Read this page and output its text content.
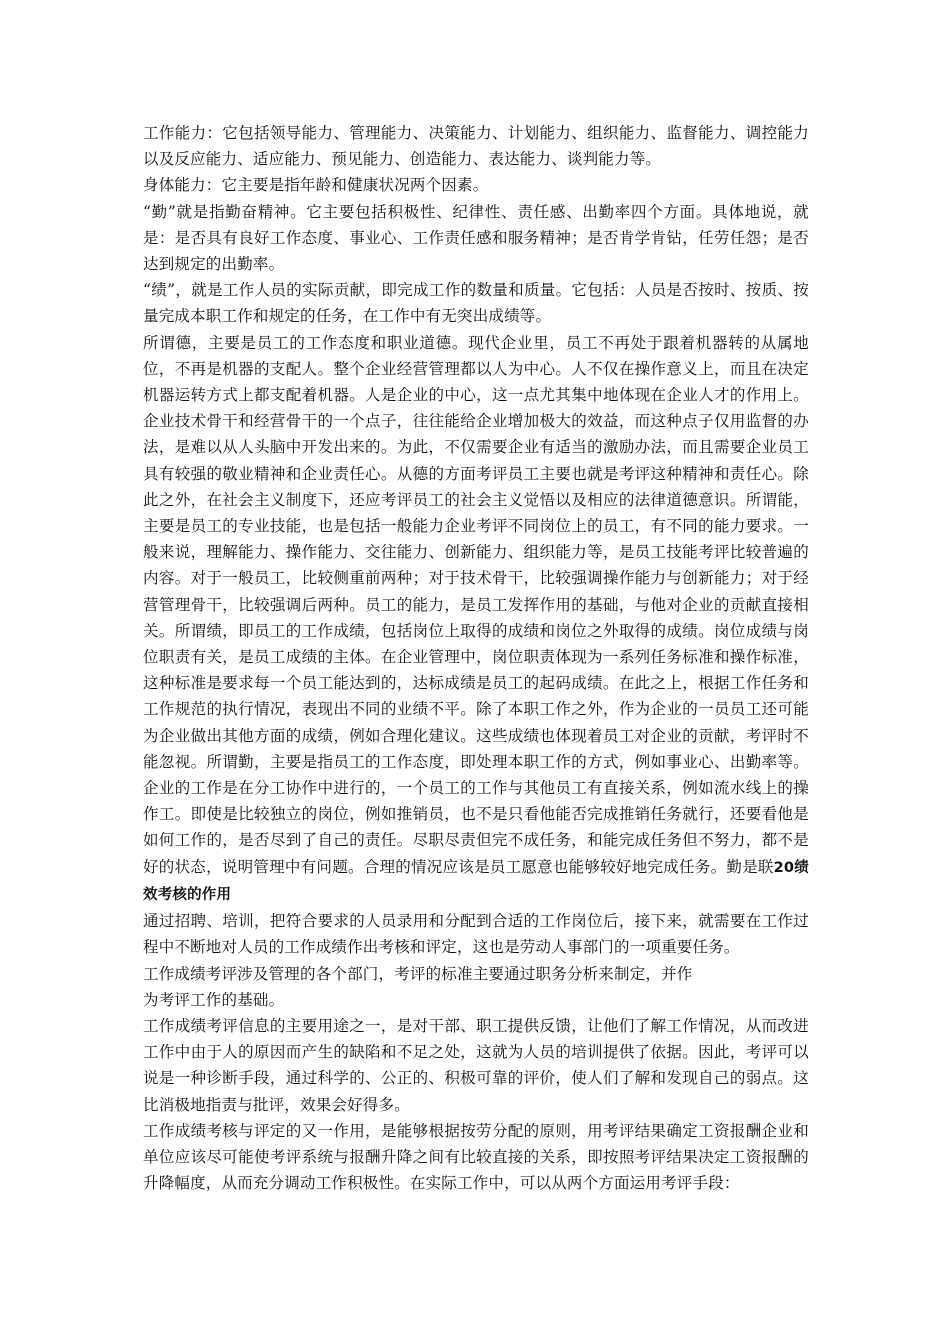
工作能力：它包括领导能力、管理能力、决策能力、计划能力、组织能力、监督能力、调控能力以及反应能力、适应能力、预见能力、创造能力、表达能力、谈判能力等。

身体能力：它主要是指年龄和健康状况两个因素。

“勤”就是指勤奋精神。它主要包括积极性、纪律性、责任感、出勤率四个方面。具体地说，就是：是否具有良好工作态度、事业心、工作责任感和服务精神；是否肯学肯钻，任劳任怨；是否达到规定的出勤率。

“绩”，就是工作人员的实际贡献，即完成工作的数量和质量。它包括：人员是否按时、按质、按量完成本职工作和规定的任务，在工作中有无突出成绩等。

所谓德，主要是员工的工作态度和职业道德。现代企业里，员工不再处于跟着机器转的从属地位，不再是机器的支配人。整个企业经营管理都以人为中心。人不仅在操作意义上，而且在决定机器运转方式上都支配着机器。人是企业的中心，这一点尤其集中地体现在企业人才的作用上。企业技术骨干和经营骨干的一个点子，往往能给企业增加极大的效益，而这种点子仅用监督的办法，是难以从人头脑中开发出来的。为此，不仅需要企业有适当的激励办法，而且需要企业员工具有较强的敬业精神和企业责任心。从德的方面考评员工主要也就是考评这种精神和责任心。除此之外，在社会主义制度下，还应考评员工的社会主义觉悟以及相应的法律道德意识。所谓能，主要是员工的专业技能，也是包括一般能力企业考评不同岗位上的员工，有不同的能力要求。一般来说，理解能力、操作能力、交往能力、创新能力、组织能力等，是员工技能考评比较普遍的内容。对于一般员工，比较侧重前两种；对于技术骨干，比较强调操作能力与创新能力；对于经营管理骨干，比较强调后两种。员工的能力，是员工发挥作用的基础，与他对企业的贡献直接相关。所谓绩，即员工的工作成绩，包括岗位上取得的成绩和岗位之外取得的成绩。岗位成绩与岗位职责有关，是员工成绩的主体。在企业管理中，岗位职责体现为一系列任务标准和操作标准，这种标准是要求每一个员工能达到的，达标成绩是员工的起码成绩。在此之上，根据工作任务和工作规范的执行情况，表现出不同的业绩不平。除了本职工作之外，作为企业的一员员工还可能为企业做出其他方面的成绩，例如合理化建议。这些成绩也体现着员工对企业的贡献，考评时不能忽视。所谓勤，主要是指员工的工作态度，即处理本职工作的方式，例如事业心、出勤率等。企业的工作是在分工协作中进行的，一个员工的工作与其他员工有直接关系，例如流水线上的操作工。即使是比较独立的岗位，例如推销员，也不是只看他能否完成推销任务就行，还要看他是如何工作的，是否尽到了自己的责任。尽职尽责但完不成任务，和能完成任务但不努力，都不是好的状态，说明管理中有问题。合理的情况应该是员工愿意也能够较好地完成任务。勤是联20绩效考核的作用

通过招聘、培训，把符合要求的人员录用和分配到合适的工作岗位后，接下来，就需要在工作过程中不断地对人员的工作成绩作出考核和评定，这也是劳动人事部门的一项重要任务。

工作成绩考评涉及管理的各个部门，考评的标准主要通过职务分析来制定，并作

为考评工作的基础。

工作成绩考评信息的主要用途之一，是对干部、职工提供反馈，让他们了解工作情况，从而改进工作中由于人的原因而产生的缺陷和不足之处，这就为人员的培训提供了依据。因此，考评可以说是一种诊断手段，通过科学的、公正的、积极可靠的评价，使人们了解和发现自己的弱点。这比消极地指责与批评，效果会好得多。

工作成绩考核与评定的又一作用，是能够根据按劳分配的原则，用考评结果确定工资报酬企业和单位应该尽可能使考评系统与报酬升降之间有比较直接的关系，即按照考评结果决定工资报酬的升降幅度，从而充分调动工作积极性。在实际工作中，可以从两个方面运用考评手段：
